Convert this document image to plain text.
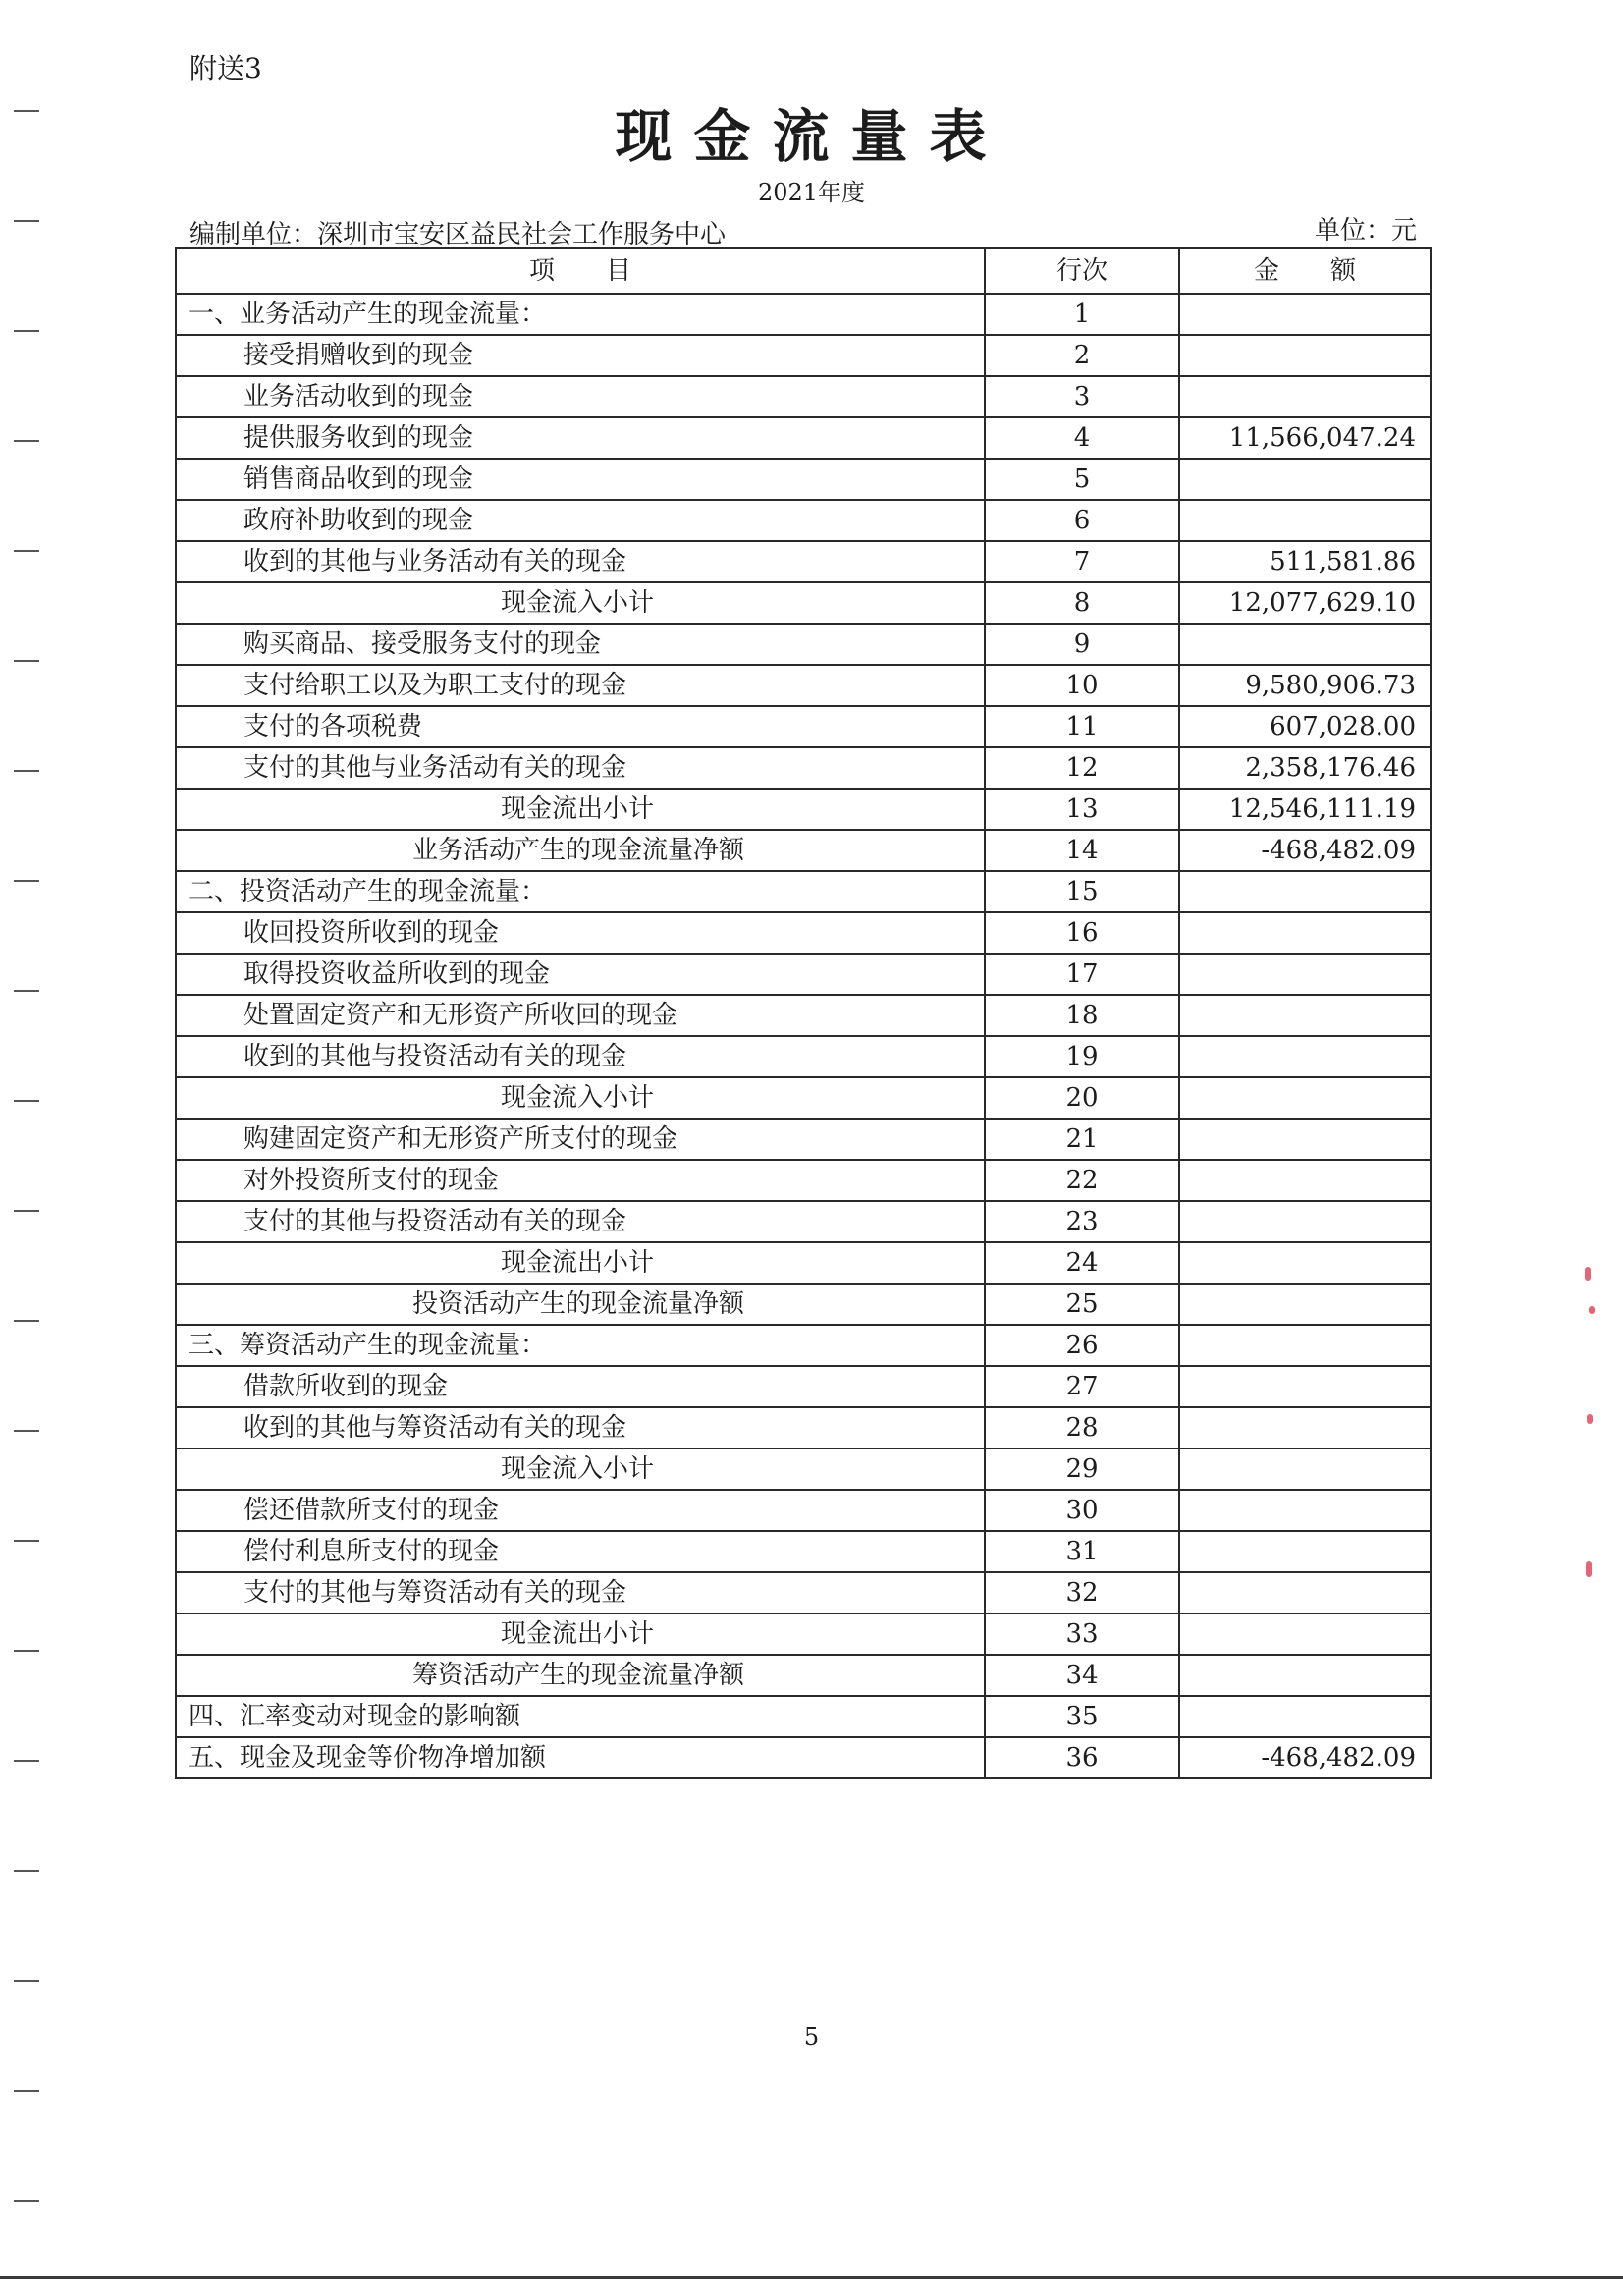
附送3
现金流量表
2021年度
编制单位：深圳市宝安区益民社会工作服务中心	单位：元
项　　目	行次	金　　额
一、业务活动产生的现金流量：	1	
接受捐赠收到的现金	2	
业务活动收到的现金	3	
提供服务收到的现金	4	11,566,047.24
销售商品收到的现金	5	
政府补助收到的现金	6	
收到的其他与业务活动有关的现金	7	511,581.86
现金流入小计	8	12,077,629.10
购买商品、接受服务支付的现金	9	
支付给职工以及为职工支付的现金	10	9,580,906.73
支付的各项税费	11	607,028.00
支付的其他与业务活动有关的现金	12	2,358,176.46
现金流出小计	13	12,546,111.19
业务活动产生的现金流量净额	14	-468,482.09
二、投资活动产生的现金流量：	15	
收回投资所收到的现金	16	
取得投资收益所收到的现金	17	
处置固定资产和无形资产所收回的现金	18	
收到的其他与投资活动有关的现金	19	
现金流入小计	20	
购建固定资产和无形资产所支付的现金	21	
对外投资所支付的现金	22	
支付的其他与投资活动有关的现金	23	
现金流出小计	24	
投资活动产生的现金流量净额	25	
三、筹资活动产生的现金流量：	26	
借款所收到的现金	27	
收到的其他与筹资活动有关的现金	28	
现金流入小计	29	
偿还借款所支付的现金	30	
偿付利息所支付的现金	31	
支付的其他与筹资活动有关的现金	32	
现金流出小计	33	
筹资活动产生的现金流量净额	34	
四、汇率变动对现金的影响额	35	
五、现金及现金等价物净增加额	36	-468,482.09
5
